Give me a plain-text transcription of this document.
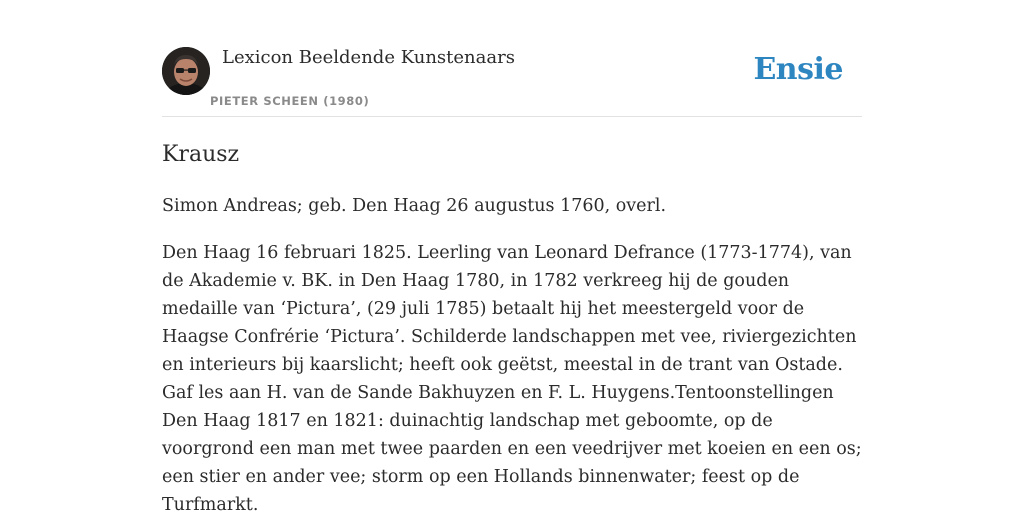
Lexicon Beeldende Kunstenaars
PIETER SCHEEN (1980)
Ensie
Krausz

Simon Andreas; geb. Den Haag 26 augustus 1760, overl.

Den Haag 16 februari 1825. Leerling van Leonard Defrance (1773-1774), van de Akademie v. BK. in Den Haag 1780, in 1782 verkreeg hij de gouden medaille van ‘Pictura’, (29 juli 1785) betaalt hij het meestergeld voor de Haagse Confrérie ‘Pictura’. Schilderde landschappen met vee, riviergezichten en interieurs bij kaarslicht; heeft ook geëtst, meestal in de trant van Ostade. Gaf les aan H. van de Sande Bakhuyzen en F. L. Huygens.Tentoonstellingen Den Haag 1817 en 1821: duinachtig landschap met geboomte, op de voorgrond een man met twee paarden en een veedrijver met koeien en een os; een stier en ander vee; storm op een Hollands binnenwater; feest op de Turfmarkt.
